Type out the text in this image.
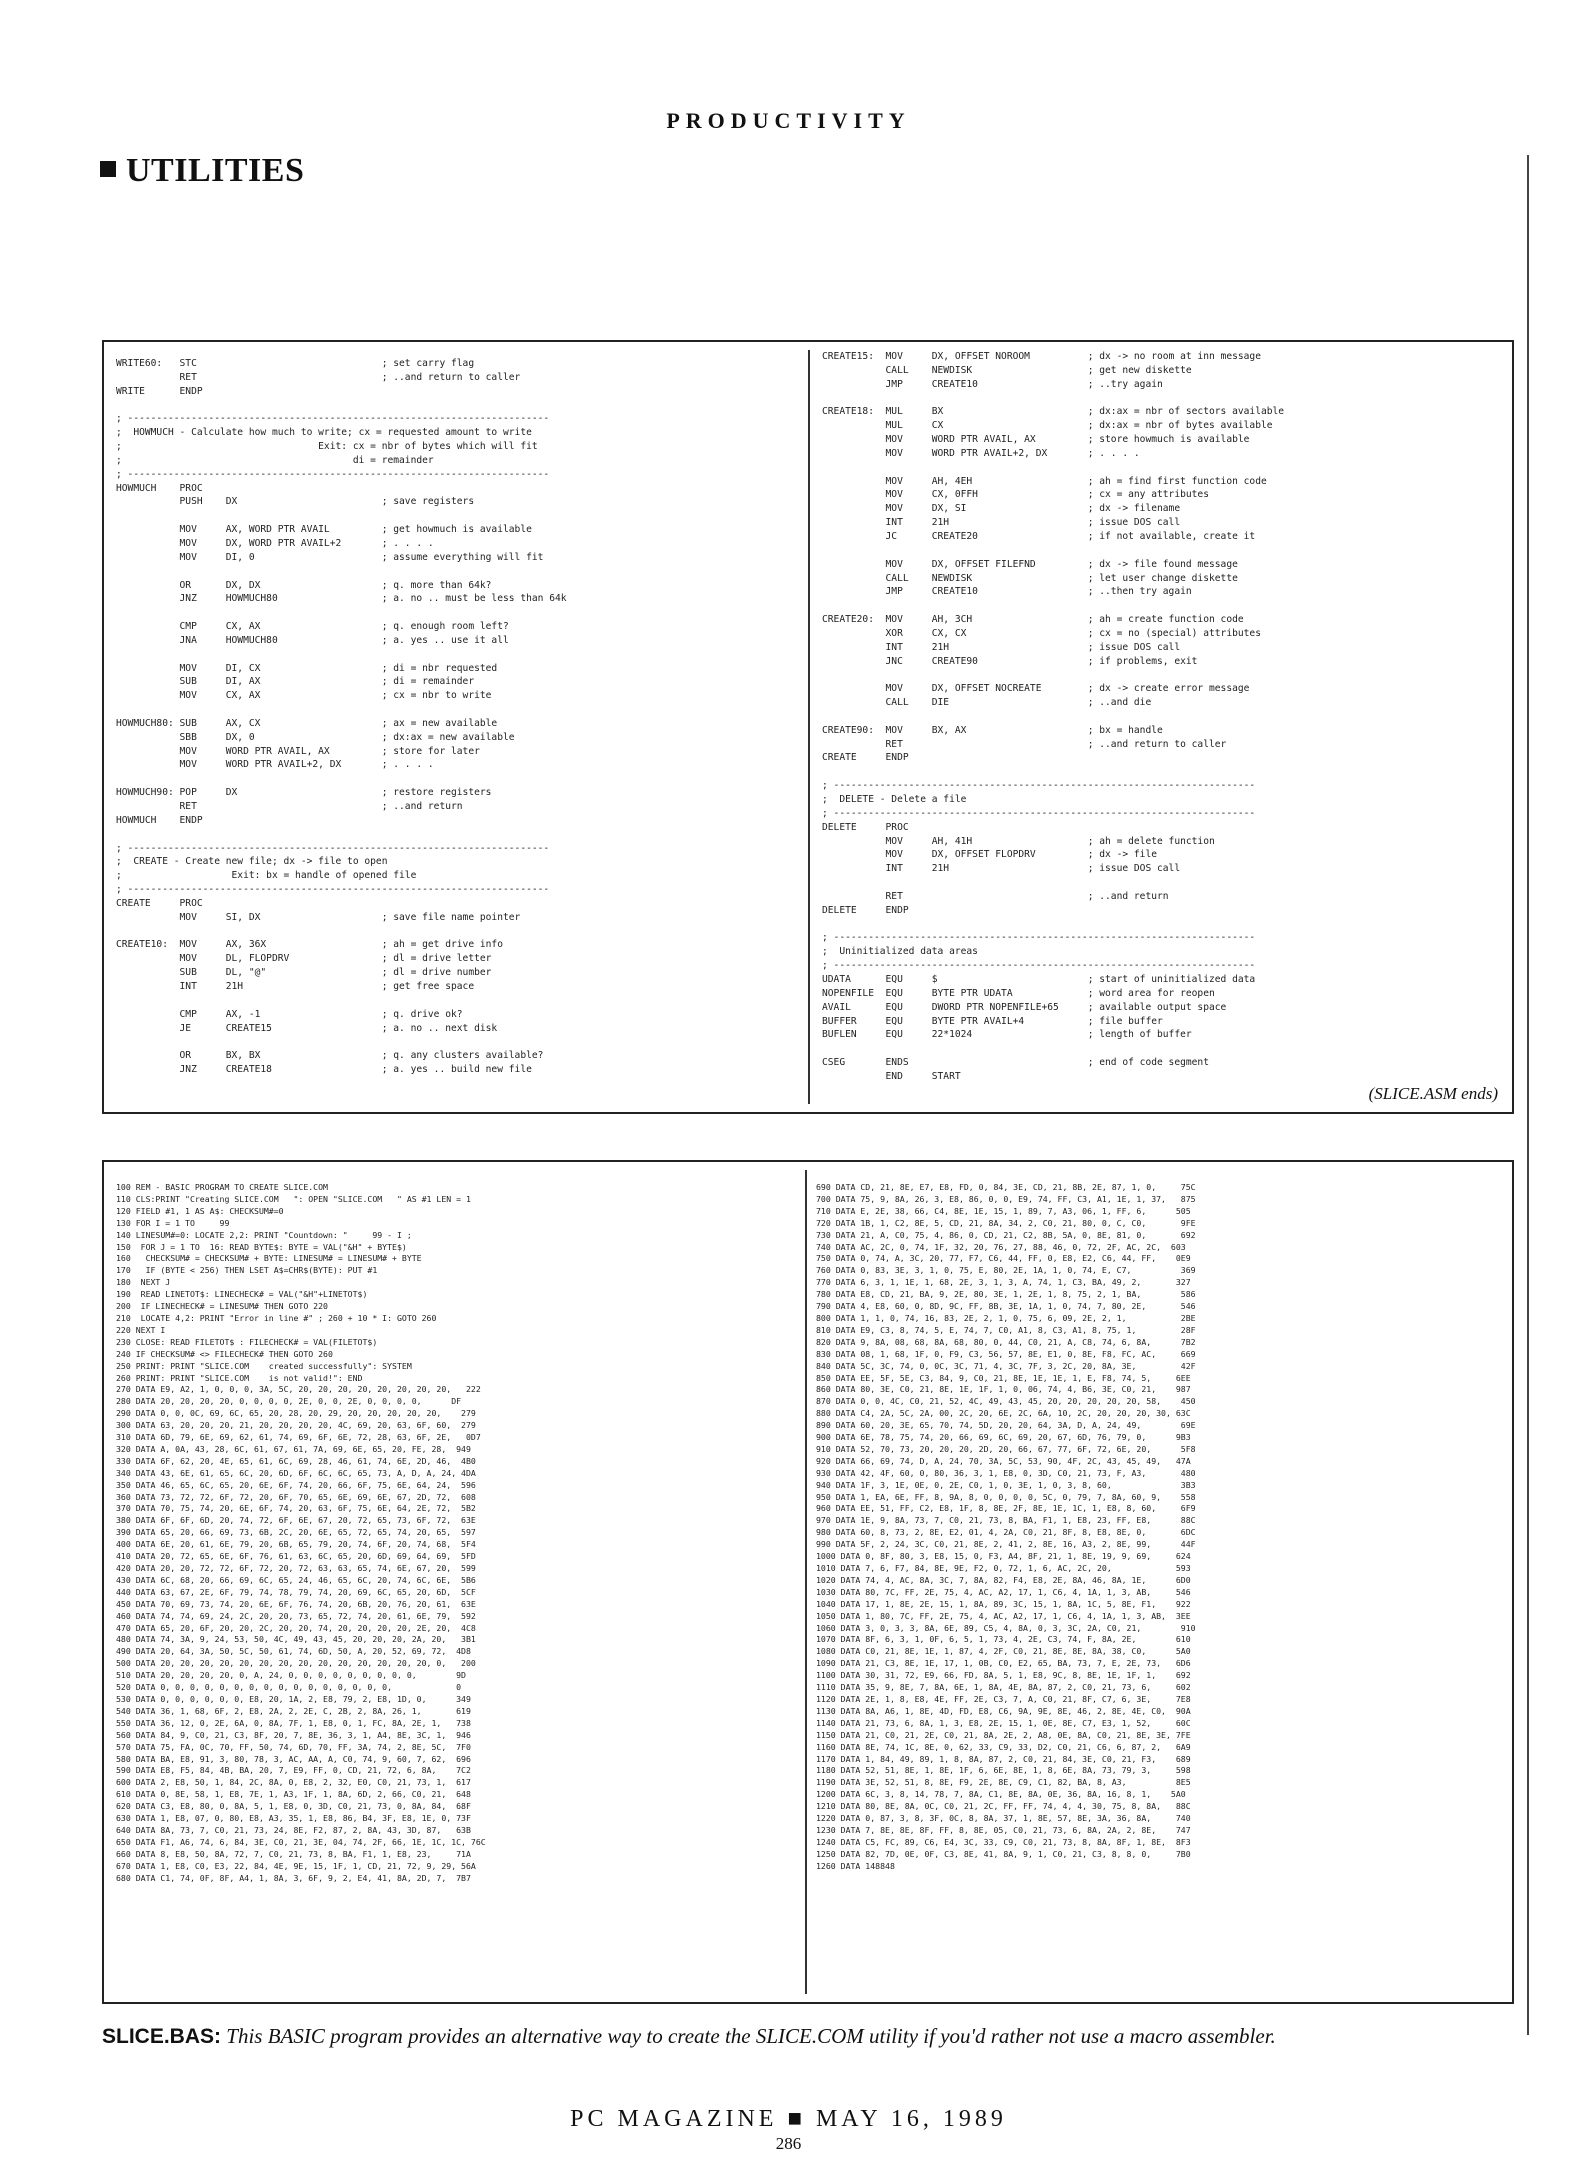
PRODUCTIVITY
UTILITIES
WRITE60:   STC                                ; set carry flag
RET                                ; ..and return to caller
WRITE      ENDP

; -------------------------------------------------------------------------
;  HOWMUCH - Calculate how much to write; cx = requested amount to write
;                                  Exit: cx = nbr of bytes which will fit
;                                        di = remainder
; -------------------------------------------------------------------------
HOWMUCH    PROC
PUSH    DX                         ; save registers

MOV     AX, WORD PTR AVAIL         ; get howmuch is available
MOV     DX, WORD PTR AVAIL+2       ; . . . .
MOV     DI, 0                      ; assume everything will fit

OR      DX, DX                     ; q. more than 64k?
JNZ     HOWMUCH80                  ; a. no .. must be less than 64k

CMP     CX, AX                     ; q. enough room left?
JNA     HOWMUCH80                  ; a. yes .. use it all

MOV     DI, CX                     ; di = nbr requested
SUB     DI, AX                     ; di = remainder
MOV     CX, AX                     ; cx = nbr to write

HOWMUCH80: SUB     AX, CX                     ; ax = new available
SBB     DX, 0                      ; dx:ax = new available
MOV     WORD PTR AVAIL, AX         ; store for later
MOV     WORD PTR AVAIL+2, DX       ; . . . .

HOWMUCH90: POP     DX                         ; restore registers
RET                                ; ..and return
HOWMUCH    ENDP

; -------------------------------------------------------------------------
;  CREATE - Create new file; dx -> file to open
;                   Exit: bx = handle of opened file
; -------------------------------------------------------------------------
CREATE     PROC
MOV     SI, DX                     ; save file name pointer

CREATE10:  MOV     AX, 36X                    ; ah = get drive info
MOV     DL, FLOPDRV                ; dl = drive letter
SUB     DL, "@"                    ; dl = drive number
INT     21H                        ; get free space

CMP     AX, -1                     ; q. drive ok?
JE      CREATE15                   ; a. no .. next disk

OR      BX, BX                     ; q. any clusters available?
JNZ     CREATE18                   ; a. yes .. build new file
CREATE15:  MOV     DX, OFFSET NOROOM          ; dx -> no room at inn message
CALL    NEWDISK                    ; get new diskette
JMP     CREATE10                   ; ..try again

CREATE18:  MUL     BX                         ; dx:ax = nbr of sectors available
MUL     CX                         ; dx:ax = nbr of bytes available
MOV     WORD PTR AVAIL, AX         ; store howmuch is available
MOV     WORD PTR AVAIL+2, DX       ; . . . .

MOV     AH, 4EH                    ; ah = find first function code
MOV     CX, 0FFH                   ; cx = any attributes
MOV     DX, SI                     ; dx -> filename
INT     21H                        ; issue DOS call
JC      CREATE20                   ; if not available, create it

MOV     DX, OFFSET FILEFND         ; dx -> file found message
CALL    NEWDISK                    ; let user change diskette
JMP     CREATE10                   ; ..then try again

CREATE20:  MOV     AH, 3CH                    ; ah = create function code
XOR     CX, CX                     ; cx = no (special) attributes
INT     21H                        ; issue DOS call
JNC     CREATE90                   ; if problems, exit

MOV     DX, OFFSET NOCREATE        ; dx -> create error message
CALL    DIE                        ; ..and die

CREATE90:  MOV     BX, AX                     ; bx = handle
RET                                ; ..and return to caller
CREATE     ENDP

; -------------------------------------------------------------------------
;  DELETE - Delete a file
; -------------------------------------------------------------------------
DELETE     PROC
MOV     AH, 41H                    ; ah = delete function
MOV     DX, OFFSET FLOPDRV         ; dx -> file
INT     21H                        ; issue DOS call

RET                                ; ..and return
DELETE     ENDP

; -------------------------------------------------------------------------
;  Uninitialized data areas
; -------------------------------------------------------------------------
UDATA      EQU     $                          ; start of uninitialized data
NOPENFILE  EQU     BYTE PTR UDATA             ; word area for reopen
AVAIL      EQU     DWORD PTR NOPENFILE+65     ; available output space
BUFFER     EQU     BYTE PTR AVAIL+4           ; file buffer
BUFLEN     EQU     22*1024                    ; length of buffer

CSEG       ENDS                               ; end of code segment
END     START
(SLICE.ASM ends)
100 REM - BASIC PROGRAM TO CREATE SLICE.COM
110 CLS:PRINT "Creating SLICE.COM   ": OPEN "SLICE.COM   " AS #1 LEN = 1
120 FIELD #1, 1 AS A$: CHECKSUM#=0
130 FOR I = 1 TO     99
140 LINESUM#=0: LOCATE 2,2: PRINT "Countdown: "     99 - I ;
150  FOR J = 1 TO  16: READ BYTE$: BYTE = VAL("&H" + BYTE$)
160   CHECKSUM# = CHECKSUM# + BYTE: LINESUM# = LINESUM# + BYTE
170   IF (BYTE < 256) THEN LSET A$=CHR$(BYTE): PUT #1
180  NEXT J
190  READ LINETOT$: LINECHECK# = VAL("&H"+LINETOT$)
200  IF LINECHECK# = LINESUM# THEN GOTO 220
210  LOCATE 4,2: PRINT "Error in line #" ; 260 + 10 * I: GOTO 260
220 NEXT I
230 CLOSE: READ FILETOT$ : FILECHECK# = VAL(FILETOT$)
240 IF CHECKSUM# <> FILECHECK# THEN GOTO 260
250 PRINT: PRINT "SLICE.COM    created successfully": SYSTEM
260 PRINT: PRINT "SLICE.COM    is not valid!": END
270 DATA E9, A2, 1, 0, 0, 0, 3A, 5C, 20, 20, 20, 20, 20, 20, 20, 20,   222
280 DATA 20, 20, 20, 20, 0, 0, 0, 0, 2E, 0, 0, 2E, 0, 0, 0, 0,      DF
290 DATA 0, 0, 0C, 69, 6C, 65, 20, 28, 20, 29, 20, 20, 20, 20, 20,    279
300 DATA 63, 20, 20, 20, 21, 20, 20, 20, 20, 4C, 69, 20, 63, 6F, 60,  279
310 DATA 6D, 79, 6E, 69, 62, 61, 74, 69, 6F, 6E, 72, 28, 63, 6F, 2E,   0D7
320 DATA A, 0A, 43, 28, 6C, 61, 67, 61, 7A, 69, 6E, 65, 20, FE, 28,  949
330 DATA 6F, 62, 20, 4E, 65, 61, 6C, 69, 28, 46, 61, 74, 6E, 2D, 46,  4B0
340 DATA 43, 6E, 61, 65, 6C, 20, 6D, 6F, 6C, 6C, 65, 73, A, D, A, 24, 4DA
350 DATA 46, 65, 6C, 65, 20, 6E, 6F, 74, 20, 66, 6F, 75, 6E, 64, 24,  596
360 DATA 73, 72, 72, 6F, 72, 20, 6F, 70, 65, 6E, 69, 6E, 67, 2D, 72,  608
370 DATA 70, 75, 74, 20, 6E, 6F, 74, 20, 63, 6F, 75, 6E, 64, 2E, 72,  5B2
380 DATA 6F, 6F, 6D, 20, 74, 72, 6F, 6E, 67, 20, 72, 65, 73, 6F, 72,  63E
390 DATA 65, 20, 66, 69, 73, 6B, 2C, 20, 6E, 65, 72, 65, 74, 20, 65,  597
400 DATA 6E, 20, 61, 6E, 79, 20, 6B, 65, 79, 20, 74, 6F, 20, 74, 68,  5F4
410 DATA 20, 72, 65, 6E, 6F, 76, 61, 63, 6C, 65, 20, 6D, 69, 64, 69,  5FD
420 DATA 20, 20, 72, 72, 6F, 72, 20, 72, 63, 63, 65, 74, 6E, 67, 20,  599
430 DATA 6C, 68, 20, 66, 69, 6C, 65, 24, 46, 65, 6C, 20, 74, 6C, 6E,  5B6
440 DATA 63, 67, 2E, 6F, 79, 74, 78, 79, 74, 20, 69, 6C, 65, 20, 6D,  5CF
450 DATA 70, 69, 73, 74, 20, 6E, 6F, 76, 74, 20, 6B, 20, 76, 20, 61,  63E
460 DATA 74, 74, 69, 24, 2C, 20, 20, 73, 65, 72, 74, 20, 61, 6E, 79,  592
470 DATA 65, 20, 6F, 20, 20, 2C, 20, 20, 74, 20, 20, 20, 20, 2E, 20,  4C8
480 DATA 74, 3A, 9, 24, 53, 50, 4C, 49, 43, 45, 20, 20, 20, 2A, 20,   3B1
490 DATA 20, 64, 3A, 50, 5C, 50, 61, 74, 6D, 50, A, 20, 52, 69, 72,  4D8
500 DATA 20, 20, 20, 20, 20, 20, 20, 20, 20, 20, 20, 20, 20, 20, 0,   200
510 DATA 20, 20, 20, 20, 0, A, 24, 0, 0, 0, 0, 0, 0, 0, 0, 0,        9D
520 DATA 0, 0, 0, 0, 0, 0, 0, 0, 0, 0, 0, 0, 0, 0, 0, 0,             0
530 DATA 0, 0, 0, 0, 0, 0, E8, 20, 1A, 2, E8, 79, 2, E8, 1D, 0,      349
540 DATA 36, 1, 68, 6F, 2, E8, 2A, 2, 2E, C, 2B, 2, 8A, 26, 1,       619
550 DATA 36, 12, 0, 2E, 6A, 0, 8A, 7F, 1, E8, 0, 1, FC, 8A, 2E, 1,   738
560 DATA 84, 9, C0, 21, C3, 8F, 20, 7, 8E, 36, 3, 1, A4, 8E, 3C, 1,  946
570 DATA 75, FA, 0C, 70, FF, 50, 74, 6D, 70, FF, 3A, 74, 2, 8E, 5C,  7F0
580 DATA BA, E8, 91, 3, 80, 78, 3, AC, AA, A, C0, 74, 9, 60, 7, 62,  696
590 DATA E8, F5, 84, 4B, BA, 20, 7, E9, FF, 0, CD, 21, 72, 6, 8A,    7C2
600 DATA 2, E8, 50, 1, 84, 2C, 8A, 0, E8, 2, 32, E0, C0, 21, 73, 1,  617
610 DATA 0, 8E, 58, 1, E8, 7E, 1, A3, 1F, 1, 8A, 6D, 2, 66, C0, 21,  648
620 DATA C3, E8, 80, 0, 8A, 5, 1, E8, 0, 3D, C0, 21, 73, 0, 8A, 84,  68F
630 DATA 1, E8, 07, 0, 80, E8, A3, 35, 1, E8, 86, B4, 3F, E8, 1E, 0, 73F
640 DATA 8A, 73, 7, C0, 21, 73, 24, 8E, F2, 87, 2, 8A, 43, 3D, 87,   63B
650 DATA F1, A6, 74, 6, 84, 3E, C0, 21, 3E, 04, 74, 2F, 66, 1E, 1C, 1C, 76C
660 DATA 8, E8, 50, 8A, 72, 7, C0, 21, 73, 8, BA, F1, 1, E8, 23,     71A
670 DATA 1, E8, C0, E3, 22, 84, 4E, 9E, 15, 1F, 1, CD, 21, 72, 9, 29, 56A
680 DATA C1, 74, 0F, 8F, A4, 1, 8A, 3, 6F, 9, 2, E4, 41, 8A, 2D, 7,  7B7
690 DATA CD, 21, 8E, E7, E8, FD, 0, 84, 3E, CD, 21, 8B, 2E, 87, 1, 0,     75C
700 DATA 75, 9, 8A, 26, 3, E8, 86, 0, 0, E9, 74, FF, C3, A1, 1E, 1, 37,   875
710 DATA E, 2E, 38, 66, C4, 8E, 1E, 15, 1, 89, 7, A3, 06, 1, FF, 6,      505
720 DATA 1B, 1, C2, 8E, 5, CD, 21, 8A, 34, 2, C0, 21, 80, 0, C, C0,       9FE
730 DATA 21, A, C0, 75, 4, 86, 0, CD, 21, C2, 8B, 5A, 0, 8E, 81, 0,       692
740 DATA AC, 2C, 0, 74, 1F, 32, 20, 76, 27, 88, 46, 0, 72, 2F, AC, 2C,  603
750 DATA 0, 74, A, 3C, 20, 77, F7, C6, 44, FF, 0, E8, E2, C6, 44, FF,    0E9
760 DATA 0, 83, 3E, 3, 1, 0, 75, E, 80, 2E, 1A, 1, 0, 74, E, C7,          369
770 DATA 6, 3, 1, 1E, 1, 68, 2E, 3, 1, 3, A, 74, 1, C3, BA, 49, 2,       327
780 DATA E8, CD, 21, BA, 9, 2E, 80, 3E, 1, 2E, 1, 8, 75, 2, 1, BA,        586
790 DATA 4, E8, 60, 0, 8D, 9C, FF, 8B, 3E, 1A, 1, 0, 74, 7, 80, 2E,       546
800 DATA 1, 1, 0, 74, 16, 83, 2E, 2, 1, 0, 75, 6, 09, 2E, 2, 1,           2BE
810 DATA E9, C3, 8, 74, 5, E, 74, 7, C0, A1, 8, C3, A1, 8, 75, 1,         28F
820 DATA 9, 8A, 08, 68, 8A, 68, 80, 0, 44, C0, 21, A, C8, 74, 6, 8A,      7B2
830 DATA 08, 1, 68, 1F, 0, F9, C3, 56, 57, 8E, E1, 0, 8E, F8, FC, AC,     669
840 DATA 5C, 3C, 74, 0, 0C, 3C, 71, 4, 3C, 7F, 3, 2C, 20, 8A, 3E,         42F
850 DATA EE, 5F, 5E, C3, 84, 9, C0, 21, 8E, 1E, 1E, 1, E, F8, 74, 5,     6EE
860 DATA 80, 3E, C0, 21, 8E, 1E, 1F, 1, 0, 06, 74, 4, B6, 3E, C0, 21,    987
870 DATA 0, 0, 4C, C0, 21, 52, 4C, 49, 43, 45, 20, 20, 20, 20, 20, 58,    450
880 DATA C4, 2A, 5C, 2A, 00, 2C, 20, 6E, 2C, 6A, 10, 2C, 20, 20, 20, 30, 63C
890 DATA 60, 20, 3E, 65, 70, 74, 5D, 20, 20, 64, 3A, D, A, 24, 49,        69E
900 DATA 6E, 78, 75, 74, 20, 66, 69, 6C, 69, 20, 67, 6D, 76, 79, 0,      9B3
910 DATA 52, 70, 73, 20, 20, 20, 2D, 20, 66, 67, 77, 6F, 72, 6E, 20,      5F8
920 DATA 66, 69, 74, D, A, 24, 70, 3A, 5C, 53, 90, 4F, 2C, 43, 45, 49,   47A
930 DATA 42, 4F, 60, 0, 80, 36, 3, 1, E8, 0, 3D, C0, 21, 73, F, A3,       480
940 DATA 1F, 3, 1E, 0E, 0, 2E, C0, 1, 0, 3E, 1, 0, 3, 8, 60,              3B3
950 DATA 1, EA, 6E, FF, 8, 9A, 8, 0, 0, 0, 0, 5C, 0, 79, 7, 8A, 60, 9,    558
960 DATA EE, 51, FF, C2, E8, 1F, 8, 8E, 2F, 8E, 1E, 1C, 1, E8, 8, 60,     6F9
970 DATA 1E, 9, 8A, 73, 7, C0, 21, 73, 8, BA, F1, 1, E8, 23, FF, E8,      88C
980 DATA 60, 8, 73, 2, 8E, E2, 01, 4, 2A, C0, 21, 8F, 8, E8, 8E, 0,       6DC
990 DATA 5F, 2, 24, 3C, C0, 21, 8E, 2, 41, 2, 8E, 16, A3, 2, 8E, 99,      44F
1000 DATA 0, 8F, 80, 3, E8, 15, 0, F3, A4, 8F, 21, 1, 8E, 19, 9, 69,     624
1010 DATA 7, 6, F7, 84, 8E, 9E, F2, 0, 72, 1, 6, AC, 2C, 20,             593
1020 DATA 74, 4, AC, 8A, 3C, 7, 8A, 82, F4, E8, 2E, 8A, 46, 8A, 1E,      6D0
1030 DATA 80, 7C, FF, 2E, 75, 4, AC, A2, 17, 1, C6, 4, 1A, 1, 3, AB,     546
1040 DATA 17, 1, 8E, 2E, 15, 1, 8A, 89, 3C, 15, 1, 8A, 1C, 5, 8E, F1,    922
1050 DATA 1, 80, 7C, FF, 2E, 75, 4, AC, A2, 17, 1, C6, 4, 1A, 1, 3, AB,  3EE
1060 DATA 3, 0, 3, 3, 8A, 6E, 89, C5, 4, 8A, 0, 3, 3C, 2A, C0, 21,        910
1070 DATA 8F, 6, 3, 1, 0F, 6, 5, 1, 73, 4, 2E, C3, 74, F, 8A, 2E,        610
1080 DATA C0, 21, 8E, 1E, 1, 87, 4, 2F, C0, 21, 8E, 8E, 8A, 38, C0,      5A0
1090 DATA 21, C3, 8E, 1E, 17, 1, 0B, C0, E2, 65, BA, 73, 7, E, 2E, 73,   6D6
1100 DATA 30, 31, 72, E9, 66, FD, 8A, 5, 1, E8, 9C, 8, 8E, 1E, 1F, 1,    692
1110 DATA 35, 9, 8E, 7, 8A, 6E, 1, 8A, 4E, 8A, 87, 2, C0, 21, 73, 6,     602
1120 DATA 2E, 1, 8, E8, 4E, FF, 2E, C3, 7, A, C0, 21, 8F, C7, 6, 3E,     7E8
1130 DATA 8A, A6, 1, 8E, 4D, FD, E8, C6, 9A, 9E, 8E, 46, 2, 8E, 4E, C0,  90A
1140 DATA 21, 73, 6, 8A, 1, 3, E8, 2E, 15, 1, 0E, 8E, C7, E3, 1, 52,     60C
1150 DATA 21, C0, 21, 2E, C0, 21, 8A, 2E, 2, A8, 0E, 8A, C0, 21, 8E, 3E, 7FE
1160 DATA 8E, 74, 1C, 8E, 0, 62, 33, C9, 33, D2, C0, 21, C6, 6, 87, 2,   6A9
1170 DATA 1, 84, 49, 89, 1, 8, 8A, 87, 2, C0, 21, 84, 3E, C0, 21, F3,    689
1180 DATA 52, 51, 8E, 1, 8E, 1F, 6, 6E, 8E, 1, 8, 6E, 8A, 73, 79, 3,     598
1190 DATA 3E, 52, 51, 8, 8E, F9, 2E, 8E, C9, C1, 82, BA, 8, A3,          8E5
1200 DATA 6C, 3, 8, 14, 78, 7, 8A, C1, 8E, 8A, 0E, 36, 8A, 16, 8, 1,    5A0
1210 DATA 80, 8E, 8A, 0C, C0, 21, 2C, FF, FF, 74, 4, 4, 30, 75, 8, 8A,   88C
1220 DATA 0, 87, 3, 8, 3F, 0C, 8, 8A, 37, 1, 8E, 57, 8E, 3A, 36, 8A,     740
1230 DATA 7, 8E, 8E, 8F, FF, 8, 8E, 05, C0, 21, 73, 6, 8A, 2A, 2, 8E,    747
1240 DATA C5, FC, 89, C6, E4, 3C, 33, C9, C0, 21, 73, 8, 8A, 8F, 1, 8E,  8F3
1250 DATA 82, 7D, 0E, 0F, C3, 8E, 41, 8A, 9, 1, C0, 21, C3, 8, 8, 0,     7B0
1260 DATA 148848
SLICE.BAS: This BASIC program provides an alternative way to create the SLICE.COM utility if you'd rather not use a macro assembler.
PC MAGAZINE ■ MAY 16, 1989
286
